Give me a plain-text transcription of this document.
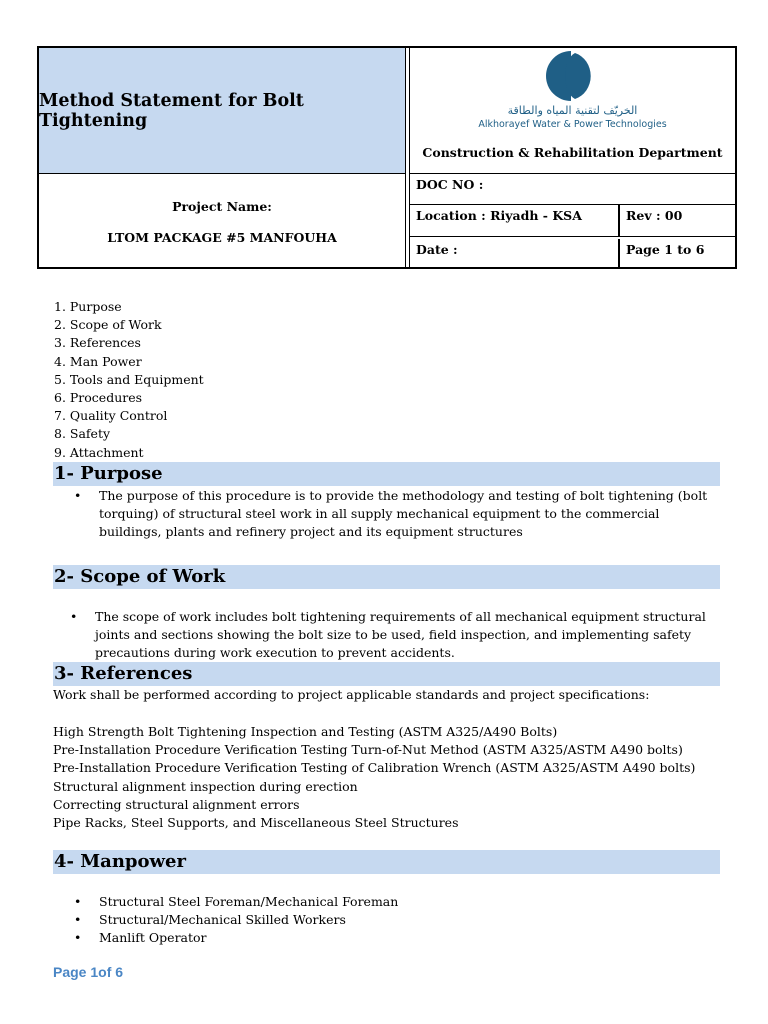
Method Statement for Bolt Tightening
Project Name:
LTOM PACKAGE #5 MANFOUHA
الخريّف لتقنية المياه والطاقة
Alkhorayef Water & Power Technologies
Construction & Rehabilitation Department
DOC NO :
Location : Riyadh - KSA	Rev : 00
Date :	Page 1 to 6
1. Purpose
2. Scope of Work
3. References
4. Man Power
5. Tools and Equipment
6. Procedures
7. Quality Control
8. Safety
9. Attachment
1- Purpose
• The purpose of this procedure is to provide the methodology and testing of bolt tightening (bolt torquing) of structural steel work in all supply mechanical equipment to the commercial buildings, plants and refinery project and its equipment structures
2- Scope of Work
• The scope of work includes bolt tightening requirements of all mechanical equipment structural joints and sections showing the bolt size to be used, field inspection, and implementing safety precautions during work execution to prevent accidents.
3- References
Work shall be performed according to project applicable standards and project specifications:
High Strength Bolt Tightening Inspection and Testing (ASTM A325/A490 Bolts)
Pre-Installation Procedure Verification Testing Turn-of-Nut Method (ASTM A325/ASTM A490 bolts)
Pre-Installation Procedure Verification Testing of Calibration Wrench (ASTM A325/ASTM A490 bolts)
Structural alignment inspection during erection
Correcting structural alignment errors
Pipe Racks, Steel Supports, and Miscellaneous Steel Structures
4- Manpower
• Structural Steel Foreman/Mechanical Foreman
• Structural/Mechanical Skilled Workers
• Manlift Operator
Page 1of 6
